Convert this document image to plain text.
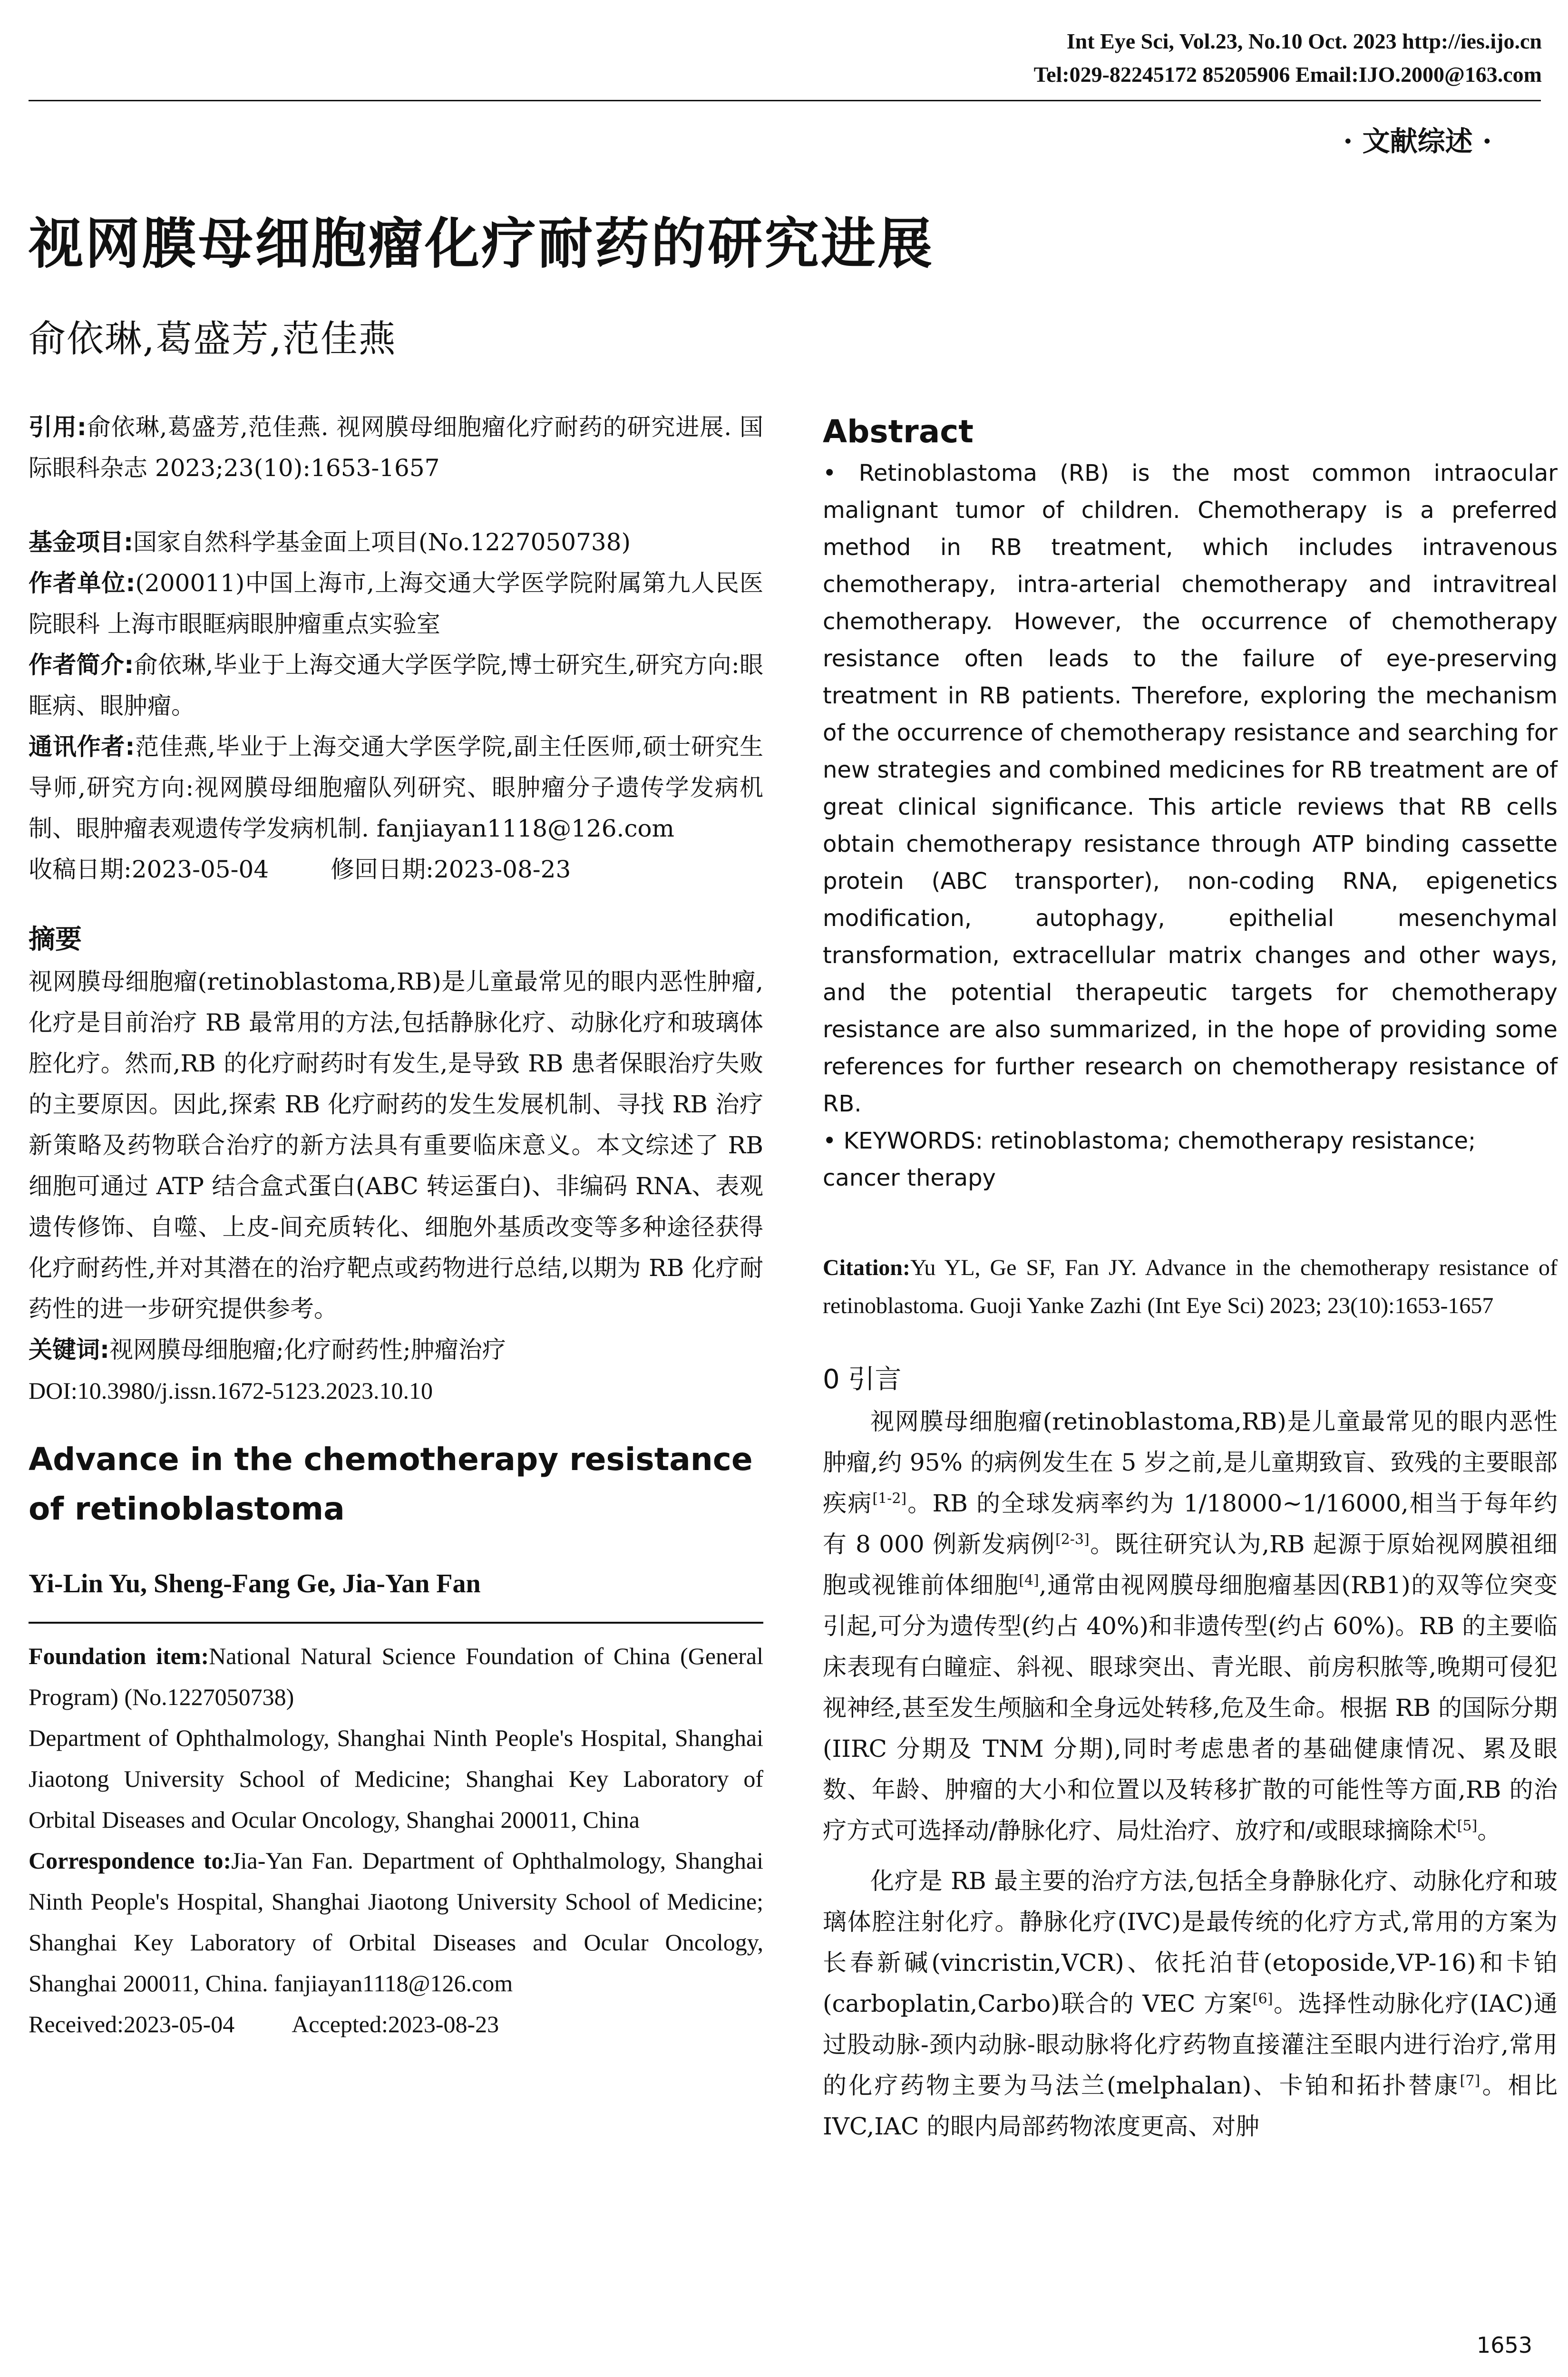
Int Eye Sci, Vol.23, No.10 Oct. 2023 http://ies.ijo.cn
Tel:029-82245172 85205906 Email:IJO.2000@163.com
· 文献综述 ·
视网膜母细胞瘤化疗耐药的研究进展
俞依琳,葛盛芳,范佳燕

引用:俞依琳,葛盛芳,范佳燕. 视网膜母细胞瘤化疗耐药的研究进展. 国际眼科杂志 2023;23(10):1653-1657

基金项目:国家自然科学基金面上项目(No.1227050738)

作者单位:(200011)中国上海市,上海交通大学医学院附属第九人民医院眼科 上海市眼眶病眼肿瘤重点实验室

作者简介:俞依琳,毕业于上海交通大学医学院,博士研究生,研究方向:眼眶病、眼肿瘤。

通讯作者:范佳燕,毕业于上海交通大学医学院,副主任医师,硕士研究生导师,研究方向:视网膜母细胞瘤队列研究、眼肿瘤分子遗传学发病机制、眼肿瘤表观遗传学发病机制. fanjiayan1118@126.com

收稿日期:2023-05-04	修回日期:2023-08-23

摘要

视网膜母细胞瘤(retinoblastoma,RB)是儿童最常见的眼内恶性肿瘤,化疗是目前治疗 RB 最常用的方法,包括静脉化疗、动脉化疗和玻璃体腔化疗。然而,RB 的化疗耐药时有发生,是导致 RB 患者保眼治疗失败的主要原因。因此,探索 RB 化疗耐药的发生发展机制、寻找 RB 治疗新策略及药物联合治疗的新方法具有重要临床意义。本文综述了 RB 细胞可通过 ATP 结合盒式蛋白(ABC 转运蛋白)、非编码 RNA、表观遗传修饰、自噬、上皮-间充质转化、细胞外基质改变等多种途径获得化疗耐药性,并对其潜在的治疗靶点或药物进行总结,以期为 RB 化疗耐药性的进一步研究提供参考。

关键词:视网膜母细胞瘤;化疗耐药性;肿瘤治疗

DOI:10.3980/j.issn.1672-5123.2023.10.10

Advance in the chemotherapy resistance of retinoblastoma

Yi-Lin Yu, Sheng-Fang Ge, Jia-Yan Fan

Foundation item:National Natural Science Foundation of China (General Program) (No.1227050738)

Department of Ophthalmology, Shanghai Ninth People's Hospital, Shanghai Jiaotong University School of Medicine; Shanghai Key Laboratory of Orbital Diseases and Ocular Oncology, Shanghai 200011, China

Correspondence to:Jia-Yan Fan. Department of Ophthalmology, Shanghai Ninth People's Hospital, Shanghai Jiaotong University School of Medicine; Shanghai Key Laboratory of Orbital Diseases and Ocular Oncology, Shanghai 200011, China. fanjiayan1118@126.com

Received:2023-05-04 Accepted:2023-08-23

Abstract

• Retinoblastoma (RB) is the most common intraocular malignant tumor of children. Chemotherapy is a preferred method in RB treatment, which includes intravenous chemotherapy, intra-arterial chemotherapy and intravitreal chemotherapy. However, the occurrence of chemotherapy resistance often leads to the failure of eye-preserving treatment in RB patients. Therefore, exploring the mechanism of the occurrence of chemotherapy resistance and searching for new strategies and combined medicines for RB treatment are of great clinical significance. This article reviews that RB cells obtain chemotherapy resistance through ATP binding cassette protein (ABC transporter), non-coding RNA, epigenetics modification, autophagy, epithelial mesenchymal transformation, extracellular matrix changes and other ways, and the potential therapeutic targets for chemotherapy resistance are also summarized, in the hope of providing some references for further research on chemotherapy resistance of RB.

• KEYWORDS: retinoblastoma; chemotherapy resistance; cancer therapy

Citation:Yu YL, Ge SF, Fan JY. Advance in the chemotherapy resistance of retinoblastoma. Guoji Yanke Zazhi (Int Eye Sci) 2023; 23(10):1653-1657

0 引言

视网膜母细胞瘤(retinoblastoma,RB)是儿童最常见的眼内恶性肿瘤,约 95% 的病例发生在 5 岁之前,是儿童期致盲、致残的主要眼部疾病[1-2]。RB 的全球发病率约为 1/18000~1/16000,相当于每年约有 8 000 例新发病例[2-3]。既往研究认为,RB 起源于原始视网膜祖细胞或视锥前体细胞[4],通常由视网膜母细胞瘤基因(RB1)的双等位突变引起,可分为遗传型(约占 40%)和非遗传型(约占 60%)。RB 的主要临床表现有白瞳症、斜视、眼球突出、青光眼、前房积脓等,晚期可侵犯视神经,甚至发生颅脑和全身远处转移,危及生命。根据 RB 的国际分期(IIRC 分期及 TNM 分期),同时考虑患者的基础健康情况、累及眼数、年龄、肿瘤的大小和位置以及转移扩散的可能性等方面,RB 的治疗方式可选择动/静脉化疗、局灶治疗、放疗和/或眼球摘除术[5]。

化疗是 RB 最主要的治疗方法,包括全身静脉化疗、动脉化疗和玻璃体腔注射化疗。静脉化疗(IVC)是最传统的化疗方式,常用的方案为长春新碱(vincristin,VCR)、依托泊苷(etoposide,VP-16)和卡铂(carboplatin,Carbo)联合的 VEC 方案[6]。选择性动脉化疗(IAC)通过股动脉-颈内动脉-眼动脉将化疗药物直接灌注至眼内进行治疗,常用的化疗药物主要为马法兰(melphalan)、卡铂和拓扑替康[7]。相比 IVC,IAC 的眼内局部药物浓度更高、对肿

1653
